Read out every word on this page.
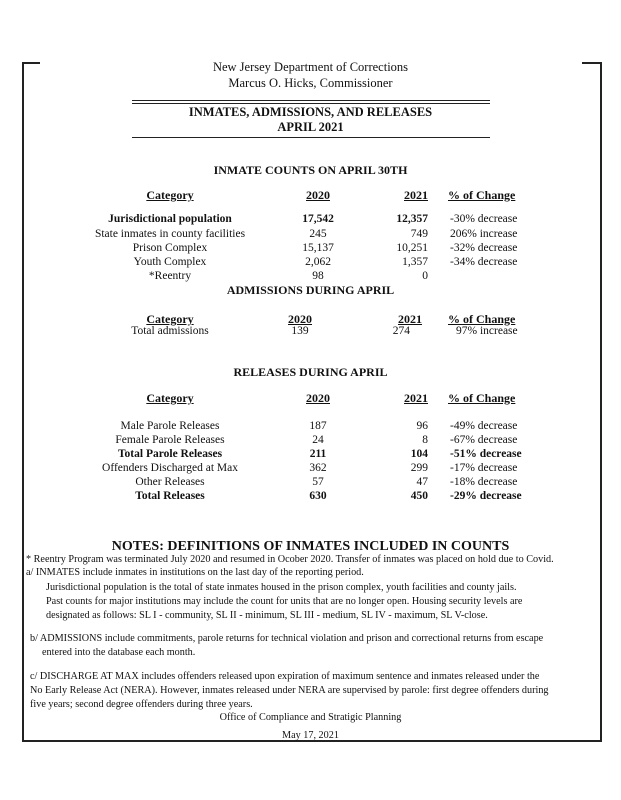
New Jersey Department of Corrections
Marcus O. Hicks, Commissioner
INMATES, ADMISSIONS, AND RELEASES
APRIL 2021
INMATE COUNTS ON APRIL 30TH
Category	2020	2021 % of Change
Jurisdictional population	17,542	12,357 -30% decrease
State inmates in county facilities	245	749 206% increase
Prison Complex	15,137	10,251 -32% decrease
Youth Complex	2,062	1,357 -34% decrease
*Reentry	98	0
ADMISSIONS DURING APRIL
Category	2020	2021 % of Change
Total admissions	139	274	97% increase
RELEASES DURING APRIL
Category	2020	2021 % of Change
Male Parole Releases	187	96 -49% decrease
Female Parole Releases	24	8 -67% decrease
Total Parole Releases	211	104 -51% decrease
Offenders Discharged at Max	362	299 -17% decrease
Other Releases	57	47 -18% decrease
Total Releases	630	450 -29% decrease
NOTES: DEFINITIONS OF INMATES INCLUDED IN COUNTS
* Reentry Program was terminated July 2020 and resumed in Ocober 2020. Transfer of inmates was placed on hold due to Covid.
a/ INMATES include inmates in institutions on the last day of the reporting period.
Jurisdictional population is the total of state inmates housed in the prison complex, youth facilities and county jails.
Past counts for major institutions may include the count for units that are no longer open. Housing security levels are
designated as follows: SL I - community, SL II - minimum, SL III - medium, SL IV - maximum, SL V-close.
b/ ADMISSIONS include commitments, parole returns for technical violation and prison and correctional returns from escape
entered into the database each month.
c/ DISCHARGE AT MAX includes offenders released upon expiration of maximum sentence and inmates released under the
No Early Release Act (NERA). However, inmates released under NERA are supervised by parole: first degree offenders during
five years; second degree offenders during three years.
Office of Compliance and Stratigic Planning
May 17, 2021
